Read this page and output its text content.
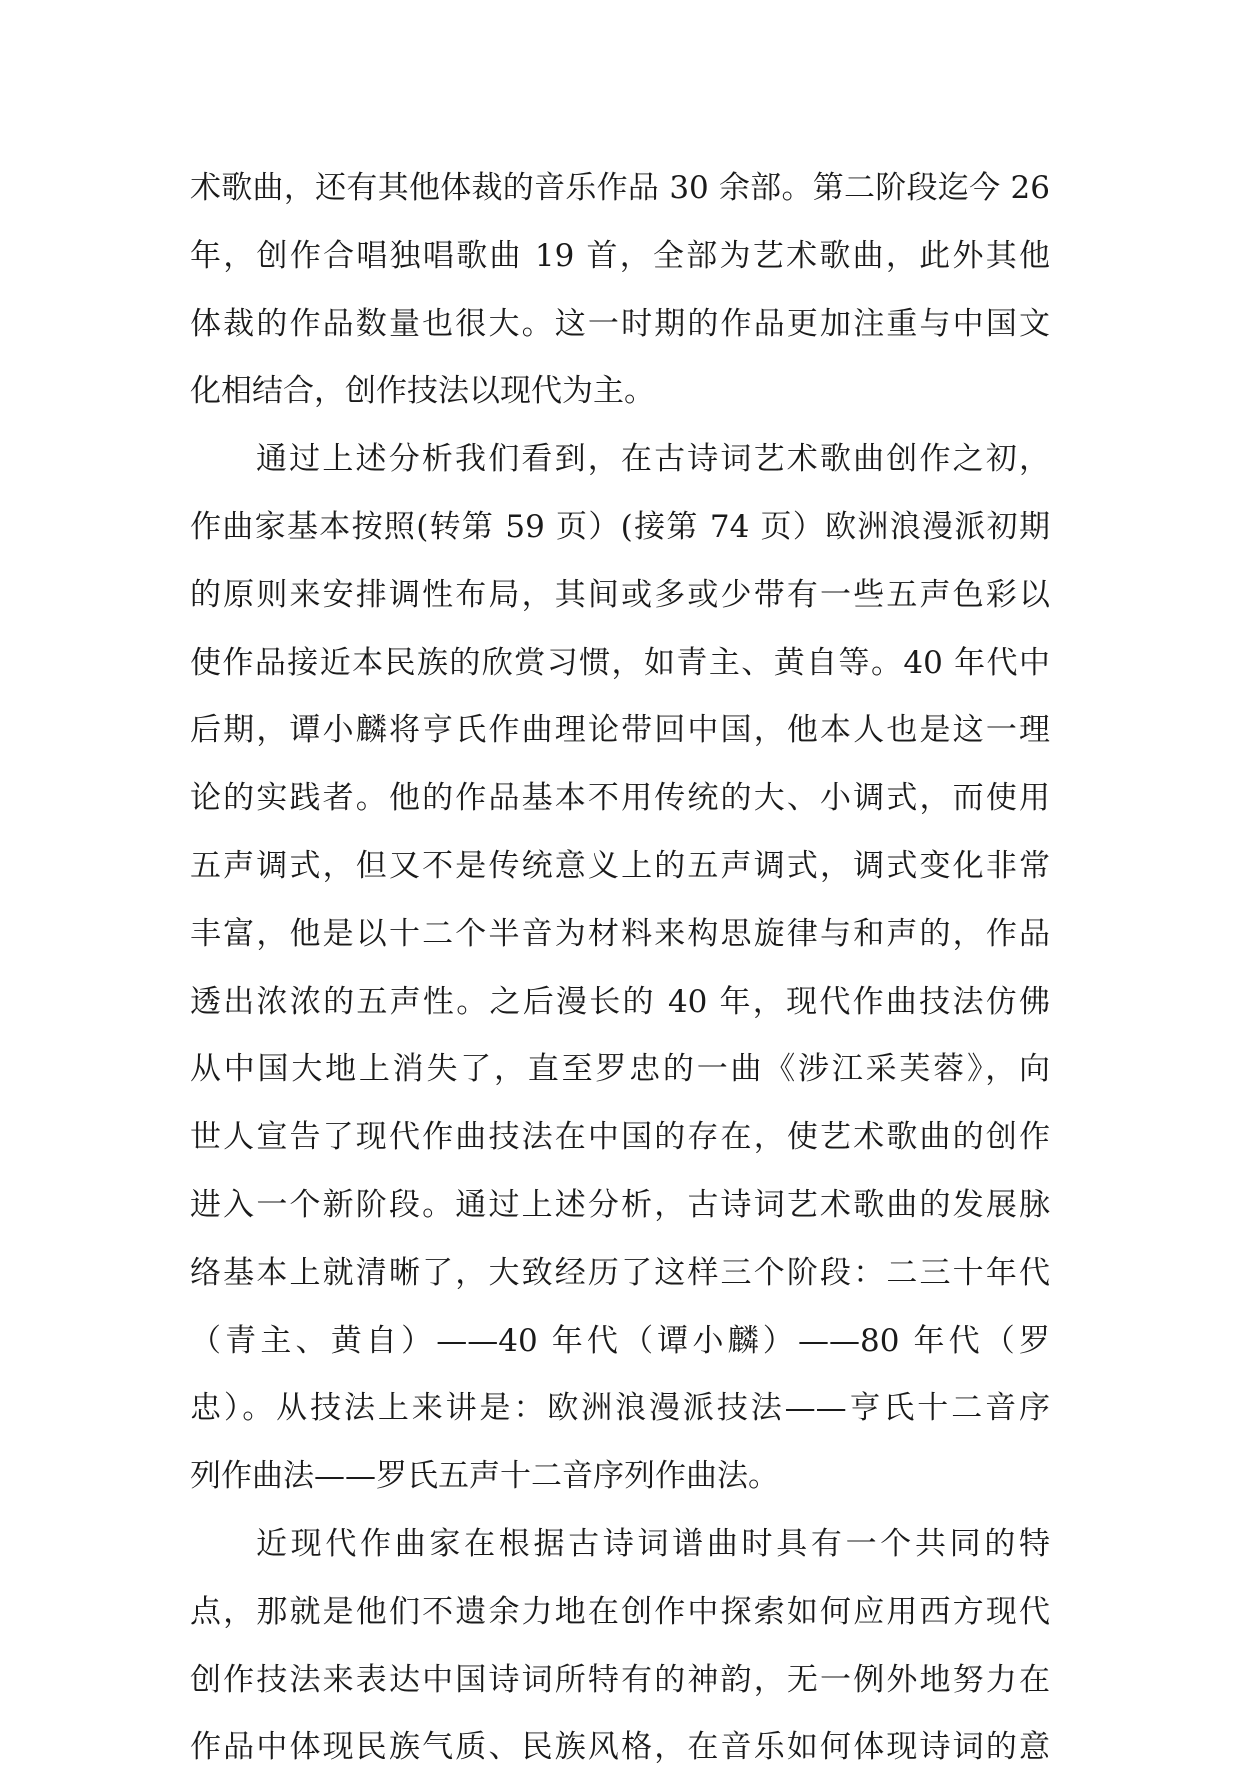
术歌曲，还有其他体裁的音乐作品 30 余部。第二阶段迄今 26
年，创作合唱独唱歌曲 19 首，全部为艺术歌曲，此外其他
体裁的作品数量也很大。这一时期的作品更加注重与中国文
化相结合，创作技法以现代为主。
通过上述分析我们看到，在古诗词艺术歌曲创作之初，
作曲家基本按照(转第 59 页）(接第 74 页）欧洲浪漫派初期
的原则来安排调性布局，其间或多或少带有一些五声色彩以
使作品接近本民族的欣赏习惯，如青主、黄自等。40 年代中
后期，谭小麟将亨氏作曲理论带回中国，他本人也是这一理
论的实践者。他的作品基本不用传统的大、小调式，而使用
五声调式，但又不是传统意义上的五声调式，调式变化非常
丰富，他是以十二个半音为材料来构思旋律与和声的，作品
透出浓浓的五声性。之后漫长的 40 年，现代作曲技法仿佛
从中国大地上消失了，直至罗忠的一曲《涉江采芙蓉》，向
世人宣告了现代作曲技法在中国的存在，使艺术歌曲的创作
进入一个新阶段。通过上述分析，古诗词艺术歌曲的发展脉
络基本上就清晰了，大致经历了这样三个阶段：二三十年代
（青主、黄自）——40 年代（谭小麟）——80 年代（罗
忠）。从技法上来讲是：欧洲浪漫派技法——亨氏十二音序
列作曲法——罗氏五声十二音序列作曲法。
近现代作曲家在根据古诗词谱曲时具有一个共同的特
点，那就是他们不遗余力地在创作中探索如何应用西方现代
创作技法来表达中国诗词所特有的神韵，无一例外地努力在
作品中体现民族气质、民族风格，在音乐如何体现诗词的意
